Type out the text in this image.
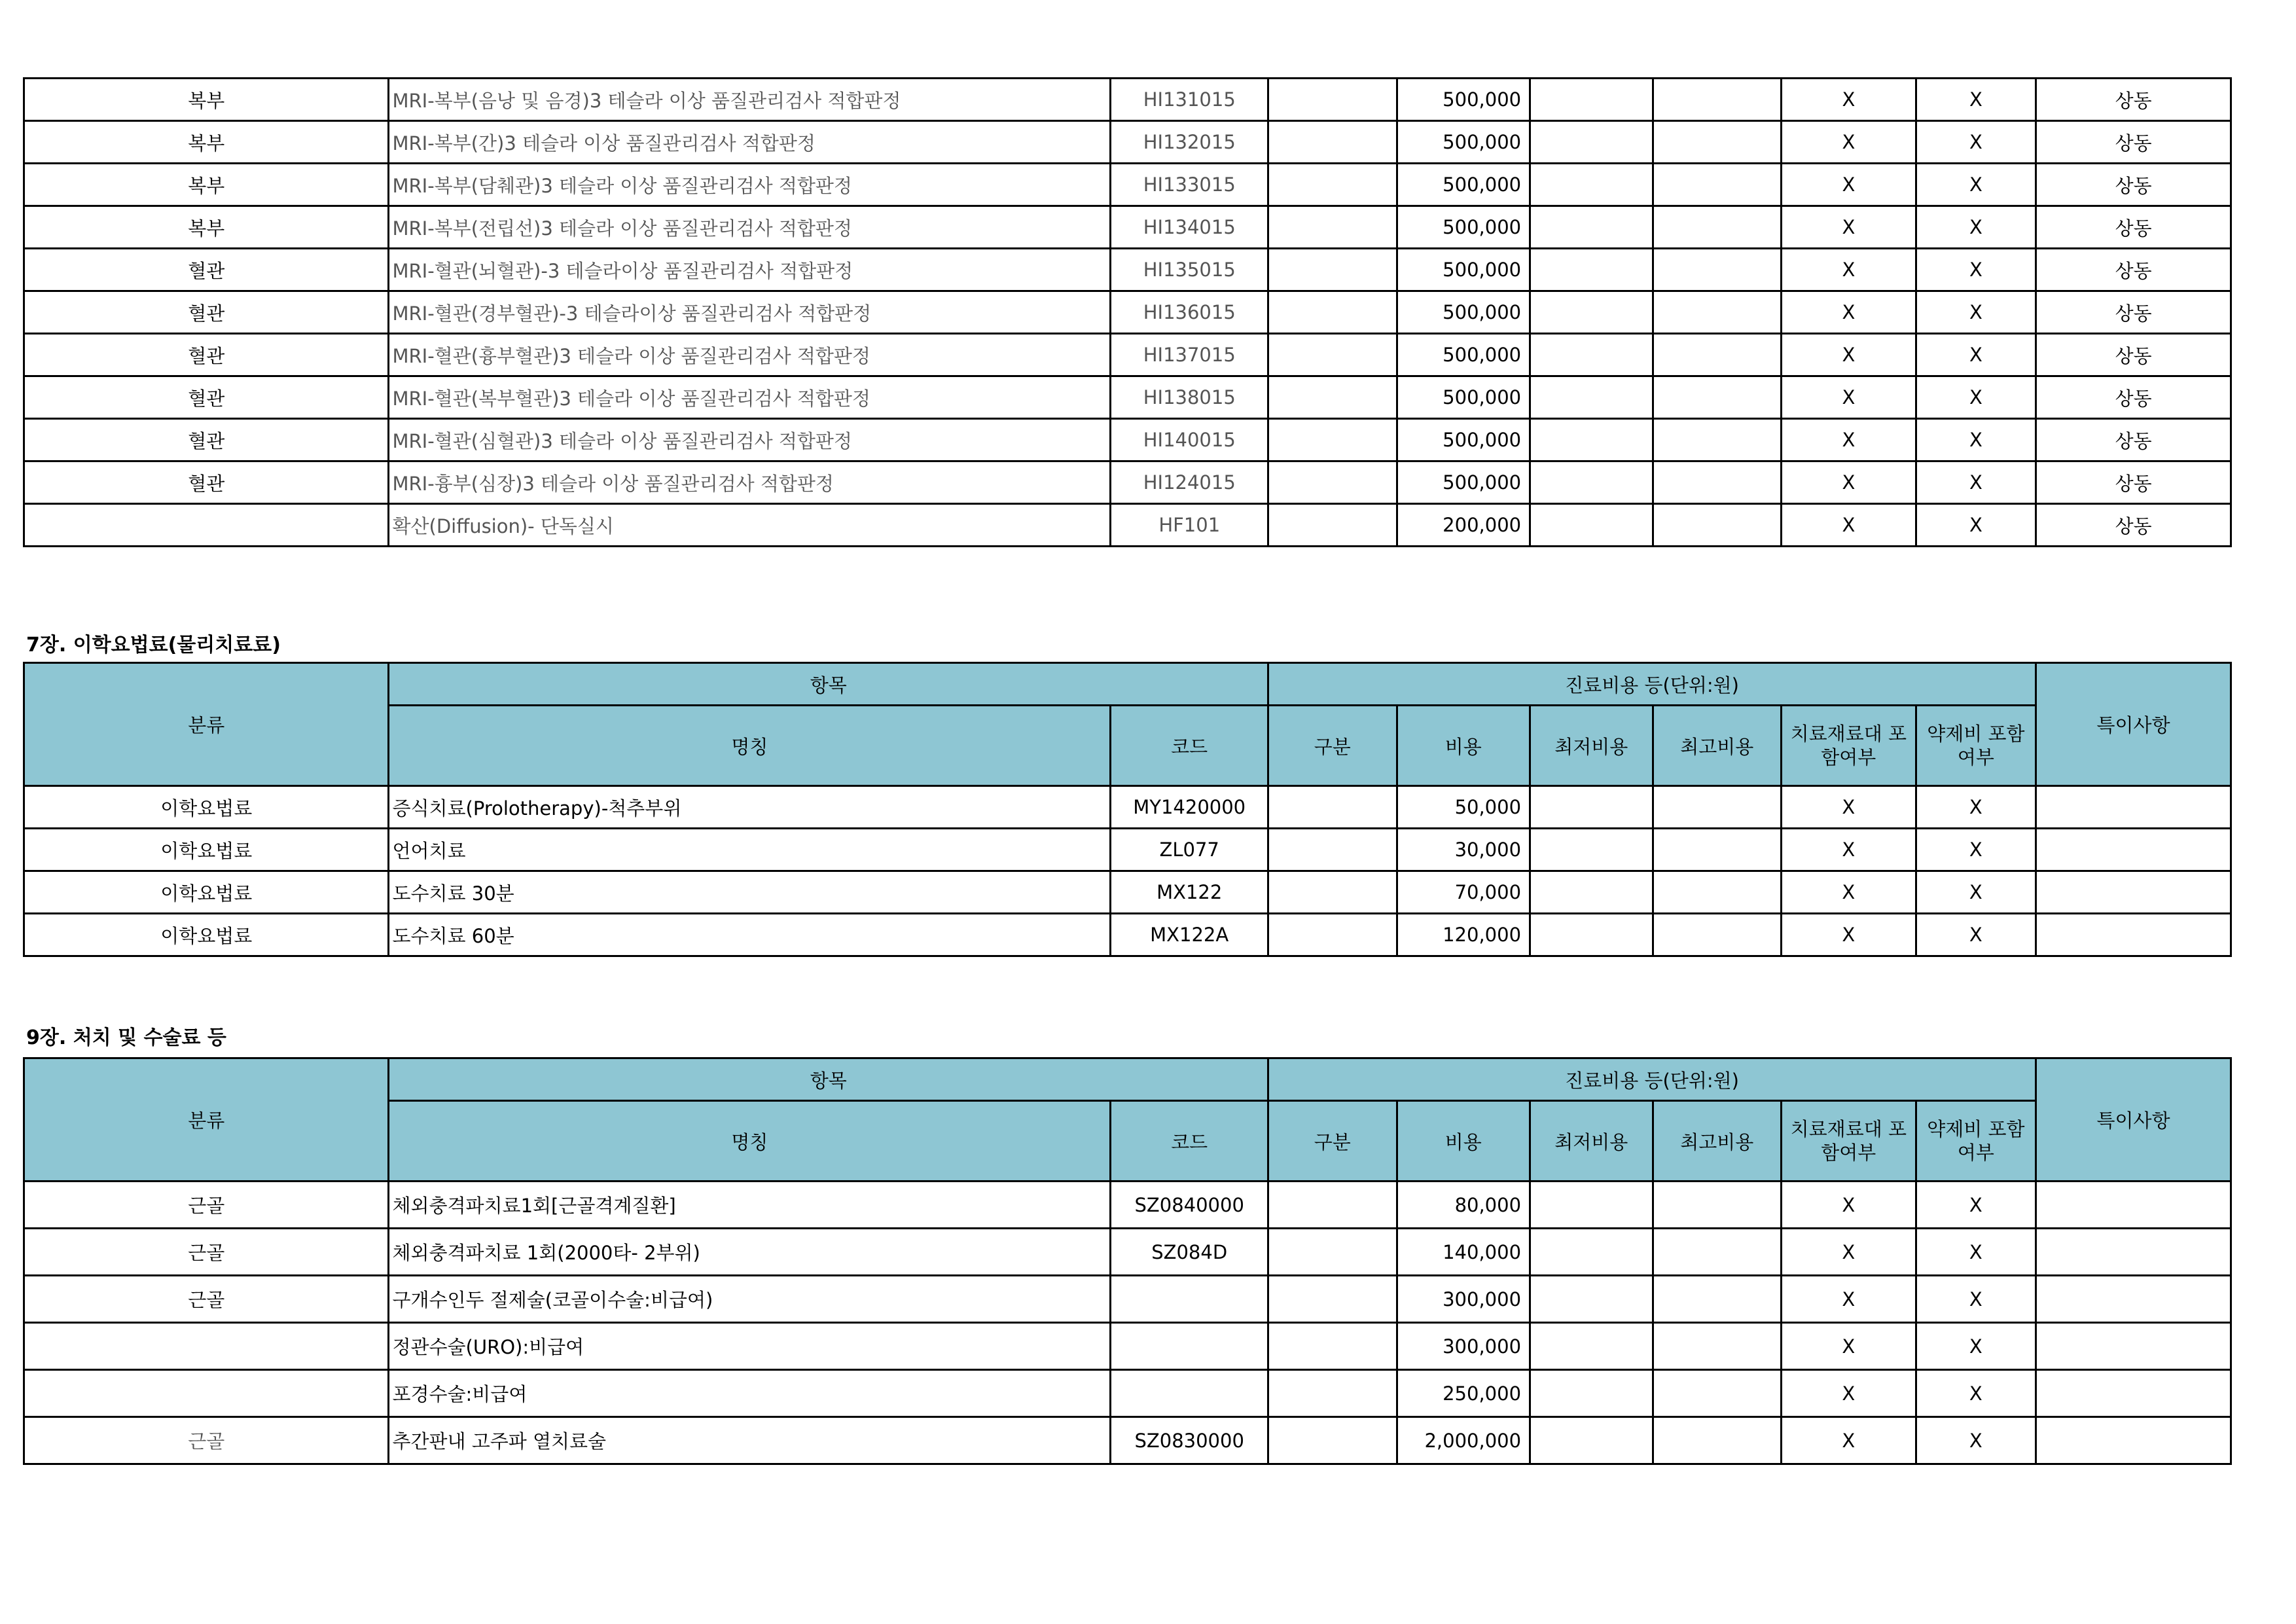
복부	MRI-복부(음낭 및 음경)3 테슬라 이상 품질관리검사 적합판정	HI131015		500,000			X	X	상동
복부	MRI-복부(간)3 테슬라 이상 품질관리검사 적합판정	HI132015		500,000			X	X	상동
복부	MRI-복부(담췌관)3 테슬라 이상 품질관리검사 적합판정	HI133015		500,000			X	X	상동
복부	MRI-복부(전립선)3 테슬라 이상 품질관리검사 적합판정	HI134015		500,000			X	X	상동
혈관	MRI-혈관(뇌혈관)-3 테슬라이상 품질관리검사 적합판정	HI135015		500,000			X	X	상동
혈관	MRI-혈관(경부혈관)-3 테슬라이상 품질관리검사 적합판정	HI136015		500,000			X	X	상동
혈관	MRI-혈관(흉부혈관)3 테슬라 이상 품질관리검사 적합판정	HI137015		500,000			X	X	상동
혈관	MRI-혈관(복부혈관)3 테슬라 이상 품질관리검사 적합판정	HI138015		500,000			X	X	상동
혈관	MRI-혈관(심혈관)3 테슬라 이상 품질관리검사 적합판정	HI140015		500,000			X	X	상동
혈관	MRI-흉부(심장)3 테슬라 이상 품질관리검사 적합판정	HI124015		500,000			X	X	상동
	확산(Diffusion)- 단독실시	HF101		200,000			X	X	상동
7장. 이학요법료(물리치료료)
분류	항목		진료비용 등(단위:원)						특이사항
	명칭	코드	구분	비용	최저비용	최고비용	치료재료대 포함여부	약제비 포함여부	
이학요법료	증식치료(Prolotherapy)-척추부위	MY1420000		50,000			X	X	
이학요법료	언어치료	ZL077		30,000			X	X	
이학요법료	도수치료 30분	MX122		70,000			X	X	
이학요법료	도수치료 60분	MX122A		120,000			X	X	
9장. 처치 및 수술료 등
분류	항목		진료비용 등(단위:원)						특이사항
	명칭	코드	구분	비용	최저비용	최고비용	치료재료대 포함여부	약제비 포함여부	
근골	체외충격파치료1회[근골격계질환]	SZ0840000		80,000			X	X	
근골	체외충격파치료 1회(2000타- 2부위)	SZ084D		140,000			X	X	
근골	구개수인두 절제술(코골이수술:비급여)			300,000			X	X	
	정관수술(URO):비급여			300,000			X	X	
	포경수술:비급여			250,000			X	X	
근골	추간판내 고주파 열치료술	SZ0830000		2,000,000			X	X	
